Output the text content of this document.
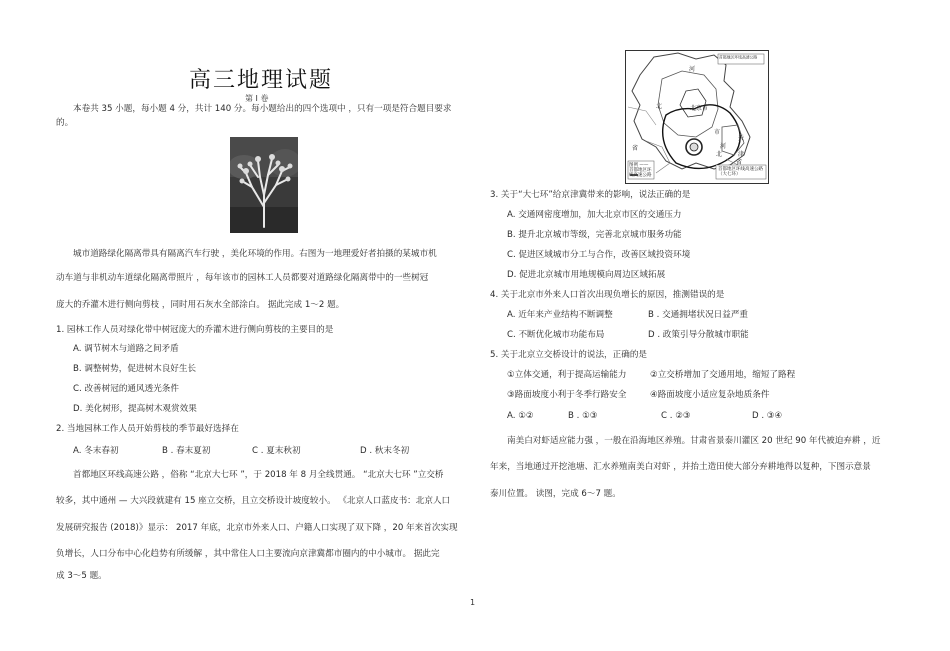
高三地理试题
第 I 卷
本卷共 35 小题，每小题 4 分，共计 140 分。每小题给出的四个选项中 ，只有一项是符合题目要求
的。
城市道路绿化隔离带具有隔离汽车行驶 ，美化环境的作用。右图为一地理爱好者拍摄的某城市机
动车道与非机动车道绿化隔离带照片 ，每年该市的园林工人员都要对道路绿化隔离带中的一些树冠
庞大的乔灌木进行侧向剪枝 ，同时用石灰水全部涂白。 据此完成 1～2 题。
1. 园林工作人员对绿化带中树冠庞大的乔灌木进行侧向剪枝的主要目的是
A. 调节树木与道路之间矛盾
B. 调整树势，促进树木良好生长
C. 改善树冠的通风透光条件
D. 美化树形，提高树木观赏效果
2. 当地园林工作人员开始剪枝的季节最好选择在
A. 冬末春初	B . 春末夏初	C . 夏末秋初	D . 秋末冬初
首都地区环线高速公路 ，俗称 “北京大七环 ”，于 2018 年 8 月全线贯通。 “北京大七环 ”立交桥
较多，其中通州 — 大兴段就建有 15 座立交桥，且立交桥设计坡度较小。 《北京人口蓝皮书：北京人口
发展研究报告 (2018)》显示： 2017 年底，北京市外来人口、户籍人口实现了双下降 ，20 年来首次实现
负增长，人口分布中心化趋势有所缓解 ，其中常住人口主要流向京津冀都市圈内的中小城市。 据此完
成 3～5 题。
河
北	北京市
市
天
津
河
省
北
省
首都地区环线高速公路
图例 —— 首都地区环线高速公路
首都地区环线高速公路（大七环）
3. 关于“大七环”给京津冀带来的影响，说法正确的是
A. 交通网密度增加，加大北京市区的交通压力
B. 提升北京城市等级，完善北京城市服务功能
C. 促进区域城市分工与合作，改善区域投资环境
D. 促进北京城市用地规模向周边区域拓展
4. 关于北京市外来人口首次出现负增长的原因，推测错误的是
A. 近年来产业结构不断调整	B . 交通拥堵状况日益严重
C. 不断优化城市功能布局	D . 政策引导分散城市职能
5. 关于北京立交桥设计的说法，正确的是
①立体交通，利于提高运输能力	②立交桥增加了交通用地，缩短了路程
③路面坡度小利于冬季行路安全	④路面坡度小适应复杂地质条件
A. ①②	B . ①③	C . ②③	D . ③④
南美白对虾适应能力强 ，一般在沿海地区养殖。甘肃省景泰川灌区 20 世纪 90 年代被迫弃耕 ，近
年来，当地通过开挖池塘、汇水养殖南美白对虾 ，并抬土造田使大部分弃耕地得以复种，下图示意景
泰川位置。 读图，完成 6～7 题。
1
